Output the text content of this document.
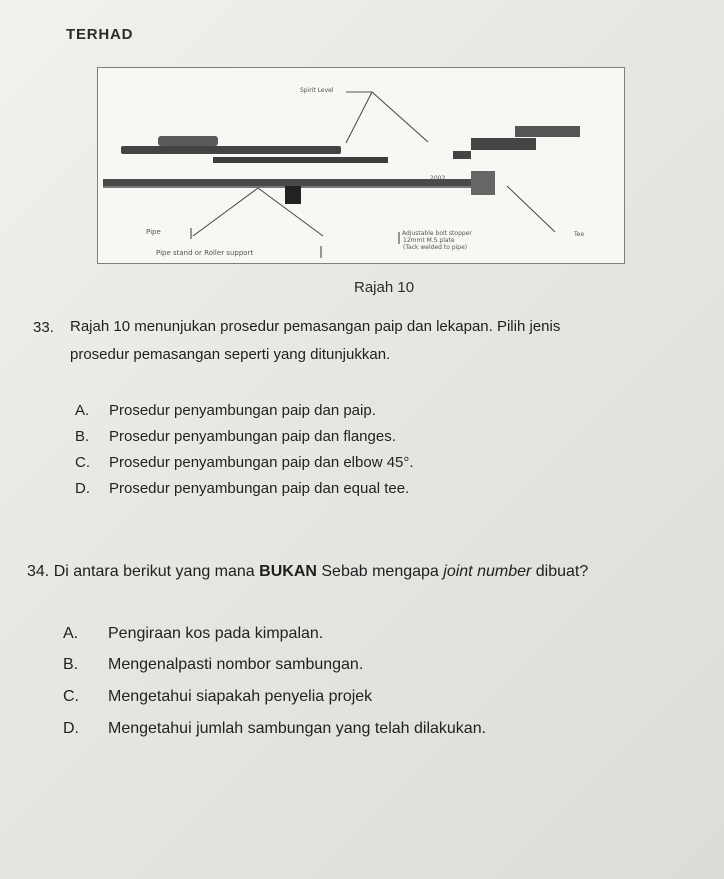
TERHAD
Spirit Level
Pipe
Pipe stand or Roller support
Adjustable bolt stopper
12mmt M.S plate
(Tack welded to pipe)
Tee
2002
Rajah 10
33. Rajah 10 menunjukan prosedur pemasangan paip dan lekapan. Pilih jenis
prosedur pemasangan seperti yang ditunjukkan.
A. Prosedur penyambungan paip dan paip.
B. Prosedur penyambungan paip dan flanges.
C. Prosedur penyambungan paip dan elbow 45°.
D. Prosedur penyambungan paip dan equal tee.
34. Di antara berikut yang mana BUKAN Sebab mengapa joint number dibuat?
A. Pengiraan kos pada kimpalan.
B. Mengenalpasti nombor sambungan.
C. Mengetahui siapakah penyelia projek
D. Mengetahui jumlah sambungan yang telah dilakukan.
